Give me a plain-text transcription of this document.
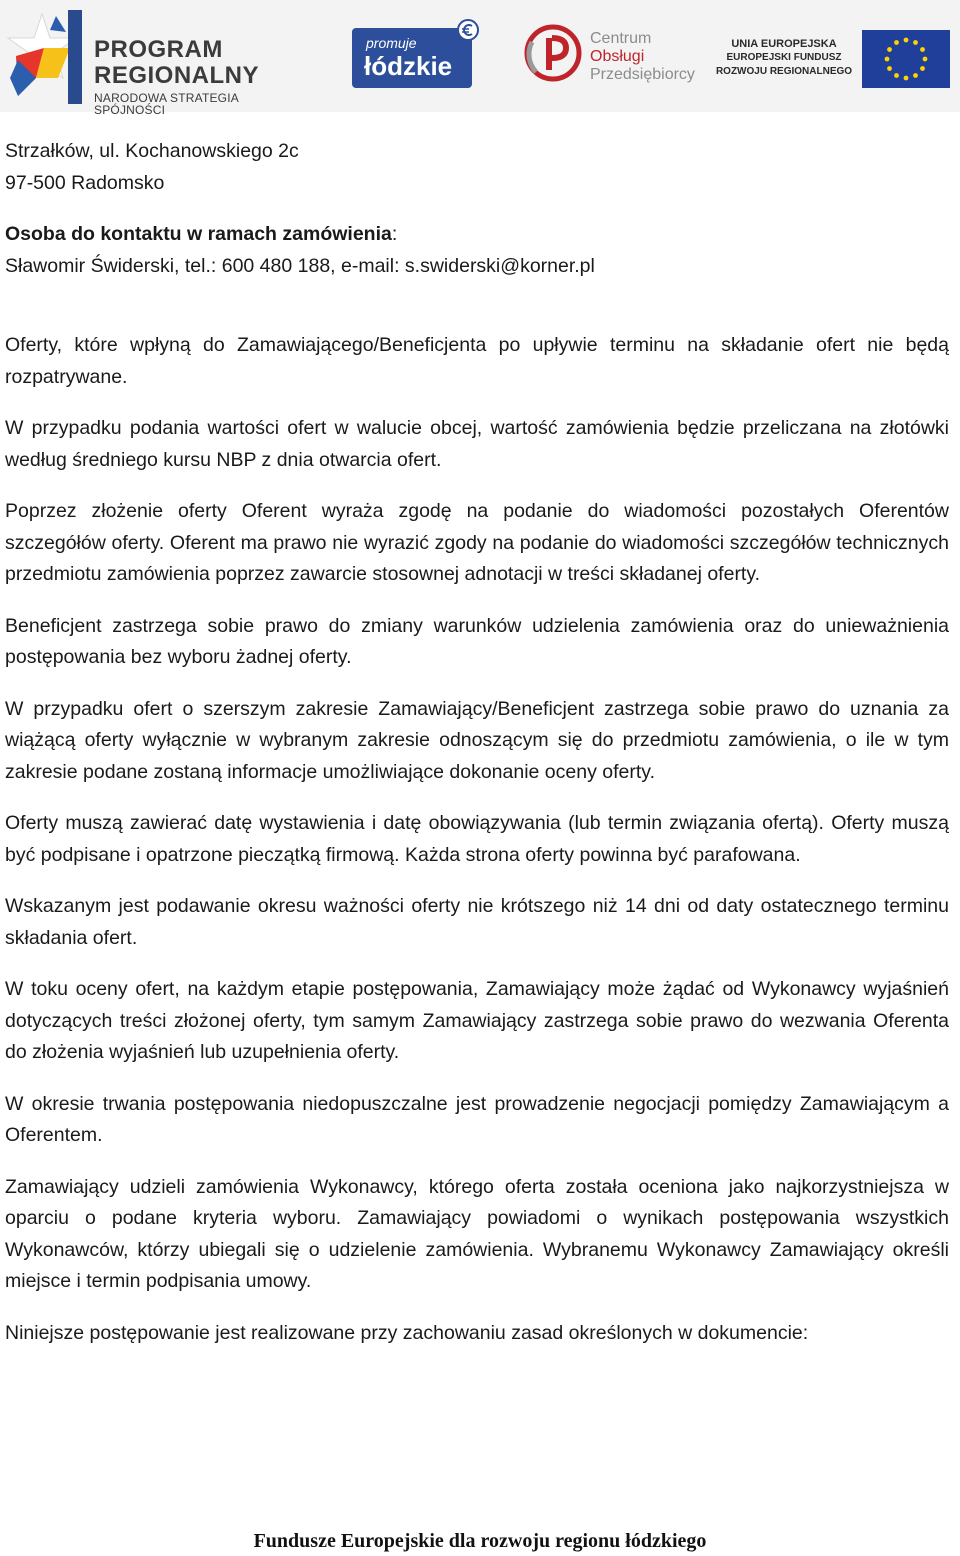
PROGRAM
REGIONALNY
NARODOWA STRATEGIA SPÓJNOŚCI
promuje
łódzkie
Centrum
Obsługi
Przedsiębiorcy
UNIA EUROPEJSKA
EUROPEJSKI FUNDUSZ
ROZWOJU REGIONALNEGO
Strzałków, ul. Kochanowskiego 2c
97-500 Radomsko
Osoba do kontaktu w ramach zamówienia:
Sławomir Świderski, tel.: 600 480 188, e-mail: s.swiderski@korner.pl

Oferty, które wpłyną do Zamawiającego/Beneficjenta po upływie terminu na składanie ofert nie będą rozpatrywane.

W przypadku podania wartości ofert w walucie obcej, wartość zamówienia będzie przeliczana na złotówki według średniego kursu NBP z dnia otwarcia ofert.

Poprzez złożenie oferty Oferent wyraża zgodę na podanie do wiadomości pozostałych Oferentów szczegółów oferty. Oferent ma prawo nie wyrazić zgody na podanie do wiadomości szczegółów technicznych przedmiotu zamówienia poprzez zawarcie stosownej adnotacji w treści składanej oferty.

Beneficjent zastrzega sobie prawo do zmiany warunków udzielenia zamówienia oraz do unieważnienia postępowania bez wyboru żadnej oferty.

W przypadku ofert o szerszym zakresie Zamawiający/Beneficjent zastrzega sobie prawo do uznania za wiążącą oferty wyłącznie w wybranym zakresie odnoszącym się do przedmiotu zamówienia, o ile w tym zakresie podane zostaną informacje umożliwiające dokonanie oceny oferty.

Oferty muszą zawierać datę wystawienia i datę obowiązywania (lub termin związania ofertą). Oferty muszą być podpisane i opatrzone pieczątką firmową. Każda strona oferty powinna być parafowana.

Wskazanym jest podawanie okresu ważności oferty nie krótszego niż 14 dni od daty ostatecznego terminu składania ofert.

W toku oceny ofert, na każdym etapie postępowania, Zamawiający może żądać od Wykonawcy wyjaśnień dotyczących treści złożonej oferty, tym samym Zamawiający zastrzega sobie prawo do wezwania Oferenta do złożenia wyjaśnień lub uzupełnienia oferty.

W okresie trwania postępowania niedopuszczalne jest prowadzenie negocjacji pomiędzy Zamawiającym a Oferentem.

Zamawiający udzieli zamówienia Wykonawcy, którego oferta została oceniona jako najkorzystniejsza w oparciu o podane kryteria wyboru. Zamawiający powiadomi o wynikach postępowania wszystkich Wykonawców, którzy ubiegali się o udzielenie zamówienia. Wybranemu Wykonawcy Zamawiający określi miejsce i termin podpisania umowy.

Niniejsze postępowanie jest realizowane przy zachowaniu zasad określonych w dokumencie:

Fundusze Europejskie dla rozwoju regionu łódzkiego
